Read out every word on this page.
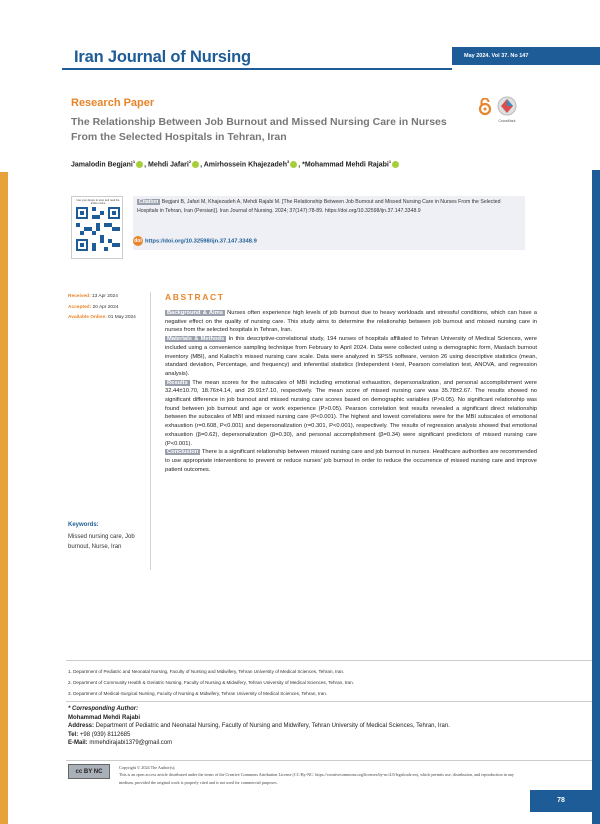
Iran Journal of Nursing	May 2024. Vol 37. No 147
Research Paper
The Relationship Between Job Burnout and Missed Nursing Care in Nurses From the Selected Hospitals in Tehran, Iran
CrossMark
Jamalodin Begjani$^1$ , Mehdi Jafari$^2$ , Amirhossein Khajezadeh$^3$ , *Mohammad Mehdi Rajabi$^1$
Use your device to scan and read the article online	Citation Begjani B, Jafari M, Khajezadeh A, Mehdi Rajabi M. [The Relationship Between Job Burnout and Missed Nursing Care in Nurses From the Selected Hospitals in Tehran, Iran (Persian)]. Iran Journal of Nursing. 2024; 37(147):78-89. https://doi.org/10.32598/ijn.37.147.3348.9
doi https://doi.org/10.32598/ijn.37.147.3348.9
Received: 13 Apr 2024
Accepted: 20 Apr 2024
Available Online: 01 May 2024
ABSTRACT

Background & Aims Nurses often experience high levels of job burnout due to heavy workloads and stressful conditions, which can have a negative effect on the quality of nursing care. This study aims to determine the relationship between job burnout and missed nursing care in nurses from the selected hospitals in Tehran, Iran.

Materials & Methods In this descriptive-correlational study, 194 nurses of hospitals affiliated to Tehran University of Medical Sciences, were included using a convenience sampling technique from February to April 2024. Data were collected using a demographic form, Maslach burnout inventory (MBI), and Kalisch's missed nursing care scale. Data were analyzed in SPSS software, version 26 using descriptive statistics (mean, standard deviation, Percentage, and frequency) and inferential statistics (Independent t-test, Pearson correlation test, ANOVA, and regression analysis).

Results The mean scores for the subscales of MBI including emotional exhaustion, depersonalization, and personal accomplishment were 32.44±10.70, 18.76±4.14, and 29.91±7.10, respectively. The mean score of missed nursing care was 35.78±2.67. The results showed no significant difference in job burnout and missed nursing care scores based on demographic variables (P>0.05). No significant relationship was found between job burnout and age or work experience (P>0.05). Pearson correlation test results revealed a significant direct relationship between the subscales of MBI and missed nursing care (P<0.001). The highest and lowest correlations were for the MBI subscales of emotional exhaustion (r=0.608, P<0.001) and depersonalization (r=0.301, P<0.001), respectively. The results of regression analysis showed that emotional exhaustion (β=0.62), depersonalization (β=0.30), and personal accomplishment (β=0.34) were significant predictors of missed nursing care (P<0.001).

Conclusion There is a significant relationship between missed nursing care and job burnout in nurses. Healthcare authorities are recommended to use appropriate interventions to prevent or reduce nurses' job burnout in order to reduce the occurrence of missed nursing care and improve patient outcomes.

Keywords:
Missed nursing care, Job burnout, Nurse, Iran
1. Department of Pediatric and Neonatal Nursing, Faculty of Nursing and Midwifery, Tehran University of Medical Sciences, Tehran, Iran.
2. Department of Community Health & Geriatric Nursing, Faculty of Nursing & Midwifery, Tehran University of Medical Sciences, Tehran, Iran.
3. Department of Medical-Surgical Nursing, Faculty of Nursing & Midwifery, Tehran University of Medical Sciences, Tehran, Iran.
* Corresponding Author:
Mohammad Mehdi Rajabi
Address: Department of Pediatric and Neonatal Nursing, Faculty of Nursing and Midwifery, Tehran University of Medical Sciences, Tehran, Iran.
Tel: +98 (939) 8112685
E-Mail: mmehdirajabi1379@gmail.com
cc BY NC
Copyright © 2024 The Author(s);
This is an open access article distributed under the terms of the Creative Commons Attribution License (CC-By-NC: https://creativecommons.org/licenses/by-nc/4.0/legalcode.en), which permits use, distribution, and reproduction in any medium, provided the original work is properly cited and is not used for commercial purposes.
78
